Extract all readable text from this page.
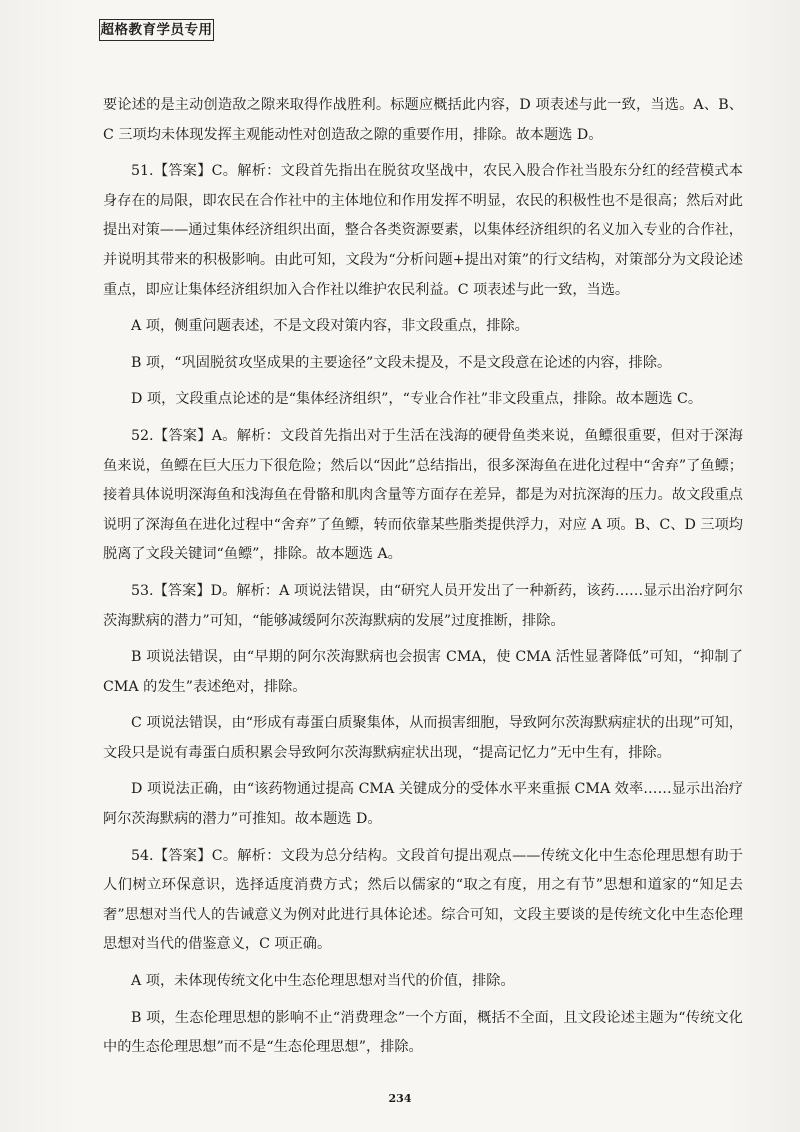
超格教育学员专用

要论述的是主动创造敌之隙来取得作战胜利。标题应概括此内容，D 项表述与此一致，当选。A、B、C 三项均未体现发挥主观能动性对创造敌之隙的重要作用，排除。故本题选 D。

51.【答案】C。解析：文段首先指出在脱贫攻坚战中，农民入股合作社当股东分红的经营模式本身存在的局限，即农民在合作社中的主体地位和作用发挥不明显，农民的积极性也不是很高；然后对此提出对策——通过集体经济组织出面，整合各类资源要素，以集体经济组织的名义加入专业的合作社，并说明其带来的积极影响。由此可知，文段为“分析问题+提出对策”的行文结构，对策部分为文段论述重点，即应让集体经济组织加入合作社以维护农民利益。C 项表述与此一致，当选。

A 项，侧重问题表述，不是文段对策内容，非文段重点，排除。

B 项，“巩固脱贫攻坚成果的主要途径”文段未提及，不是文段意在论述的内容，排除。

D 项，文段重点论述的是“集体经济组织”，“专业合作社”非文段重点，排除。故本题选 C。

52.【答案】A。解析：文段首先指出对于生活在浅海的硬骨鱼类来说，鱼鳔很重要，但对于深海鱼来说，鱼鳔在巨大压力下很危险；然后以“因此”总结指出，很多深海鱼在进化过程中“舍弃”了鱼鳔；接着具体说明深海鱼和浅海鱼在骨骼和肌肉含量等方面存在差异，都是为对抗深海的压力。故文段重点说明了深海鱼在进化过程中“舍弃”了鱼鳔，转而依靠某些脂类提供浮力，对应 A 项。B、C、D 三项均脱离了文段关键词“鱼鳔”，排除。故本题选 A。

53.【答案】D。解析：A 项说法错误，由“研究人员开发出了一种新药，该药……显示出治疗阿尔茨海默病的潜力”可知，“能够减缓阿尔茨海默病的发展”过度推断，排除。

B 项说法错误，由“早期的阿尔茨海默病也会损害 CMA，使 CMA 活性显著降低”可知，“抑制了 CMA 的发生”表述绝对，排除。

C 项说法错误，由“形成有毒蛋白质聚集体，从而损害细胞，导致阿尔茨海默病症状的出现”可知，文段只是说有毒蛋白质积累会导致阿尔茨海默病症状出现，“提高记忆力”无中生有，排除。

D 项说法正确，由“该药物通过提高 CMA 关键成分的受体水平来重振 CMA 效率……显示出治疗阿尔茨海默病的潜力”可推知。故本题选 D。

54.【答案】C。解析：文段为总分结构。文段首句提出观点——传统文化中生态伦理思想有助于人们树立环保意识，选择适度消费方式；然后以儒家的“取之有度，用之有节”思想和道家的“知足去奢”思想对当代人的告诫意义为例对此进行具体论述。综合可知，文段主要谈的是传统文化中生态伦理思想对当代的借鉴意义，C 项正确。

A 项，未体现传统文化中生态伦理思想对当代的价值，排除。

B 项，生态伦理思想的影响不止“消费理念”一个方面，概括不全面，且文段论述主题为“传统文化中的生态伦理思想”而不是“生态伦理思想”，排除。

234
